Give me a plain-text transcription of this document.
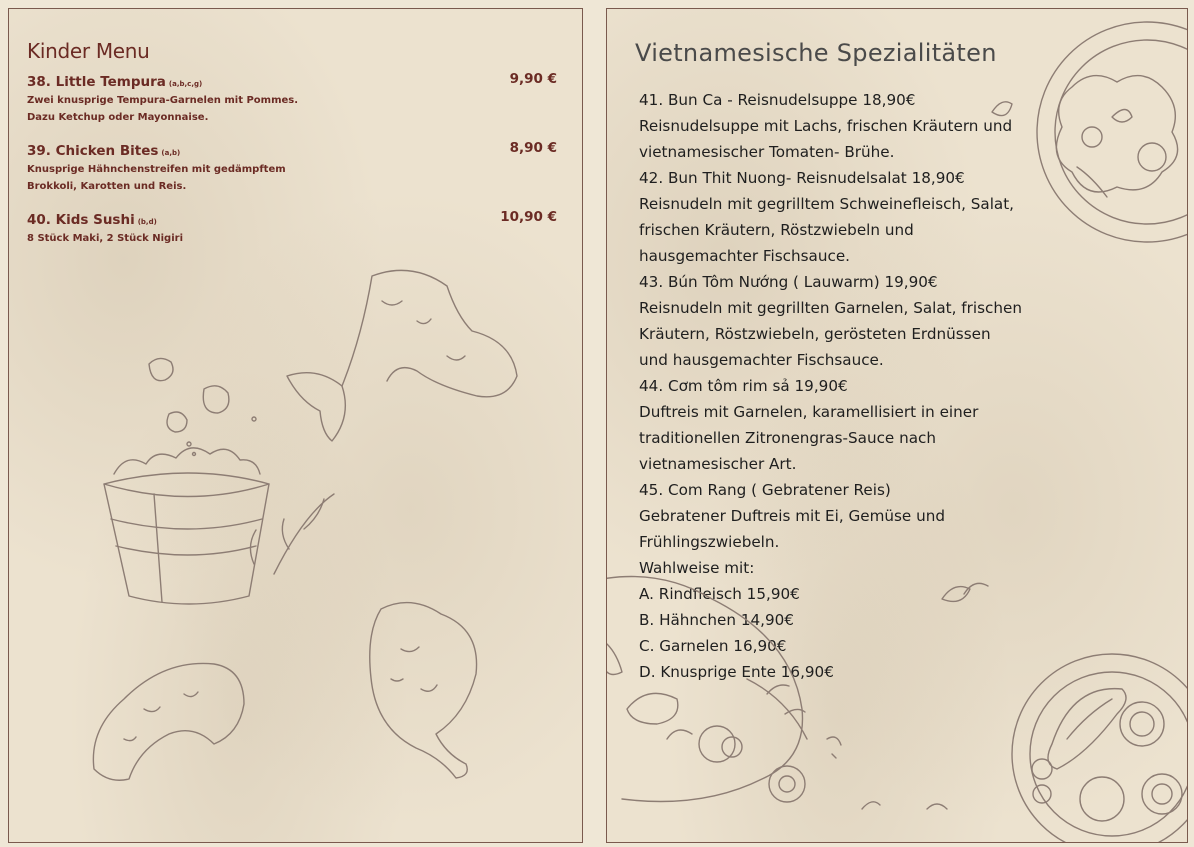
Kinder Menu
38. Little Tempura (a,b,c,g)	9,90 €
Zwei knusprige Tempura-Garnelen mit Pommes.
Dazu Ketchup oder Mayonnaise.
39. Chicken Bites (a,b)	8,90 €
Knusprige Hähnchenstreifen mit gedämpftem
Brokkoli, Karotten und Reis.
40. Kids Sushi (b,d)	10,90 €
8 Stück Maki, 2 Stück Nigiri
Vietnamesische Spezialitäten
41. Bun Ca - Reisnudelsuppe 18,90€
Reisnudelsuppe mit Lachs, frischen Kräutern und
vietnamesischer Tomaten- Brühe.
42. Bun Thit Nuong- Reisnudelsalat 18,90€
Reisnudeln mit gegrilltem Schweinefleisch, Salat,
frischen Kräutern, Röstzwiebeln und
hausgemachter Fischsauce.
43. Bún Tôm Nướng ( Lauwarm) 19,90€
Reisnudeln mit gegrillten Garnelen, Salat, frischen
Kräutern, Röstzwiebeln, gerösteten Erdnüssen
und hausgemachter Fischsauce.
44. Cơm tôm rim sả 19,90€
Duftreis mit Garnelen, karamellisiert in einer
traditionellen Zitronengras-Sauce nach
vietnamesischer Art.
45. Com Rang ( Gebratener Reis)
Gebratener Duftreis mit Ei, Gemüse und
Frühlingszwiebeln.
Wahlweise mit:
A. Rindfleisch 15,90€
B. Hähnchen 14,90€
C. Garnelen 16,90€
D. Knusprige Ente 16,90€
